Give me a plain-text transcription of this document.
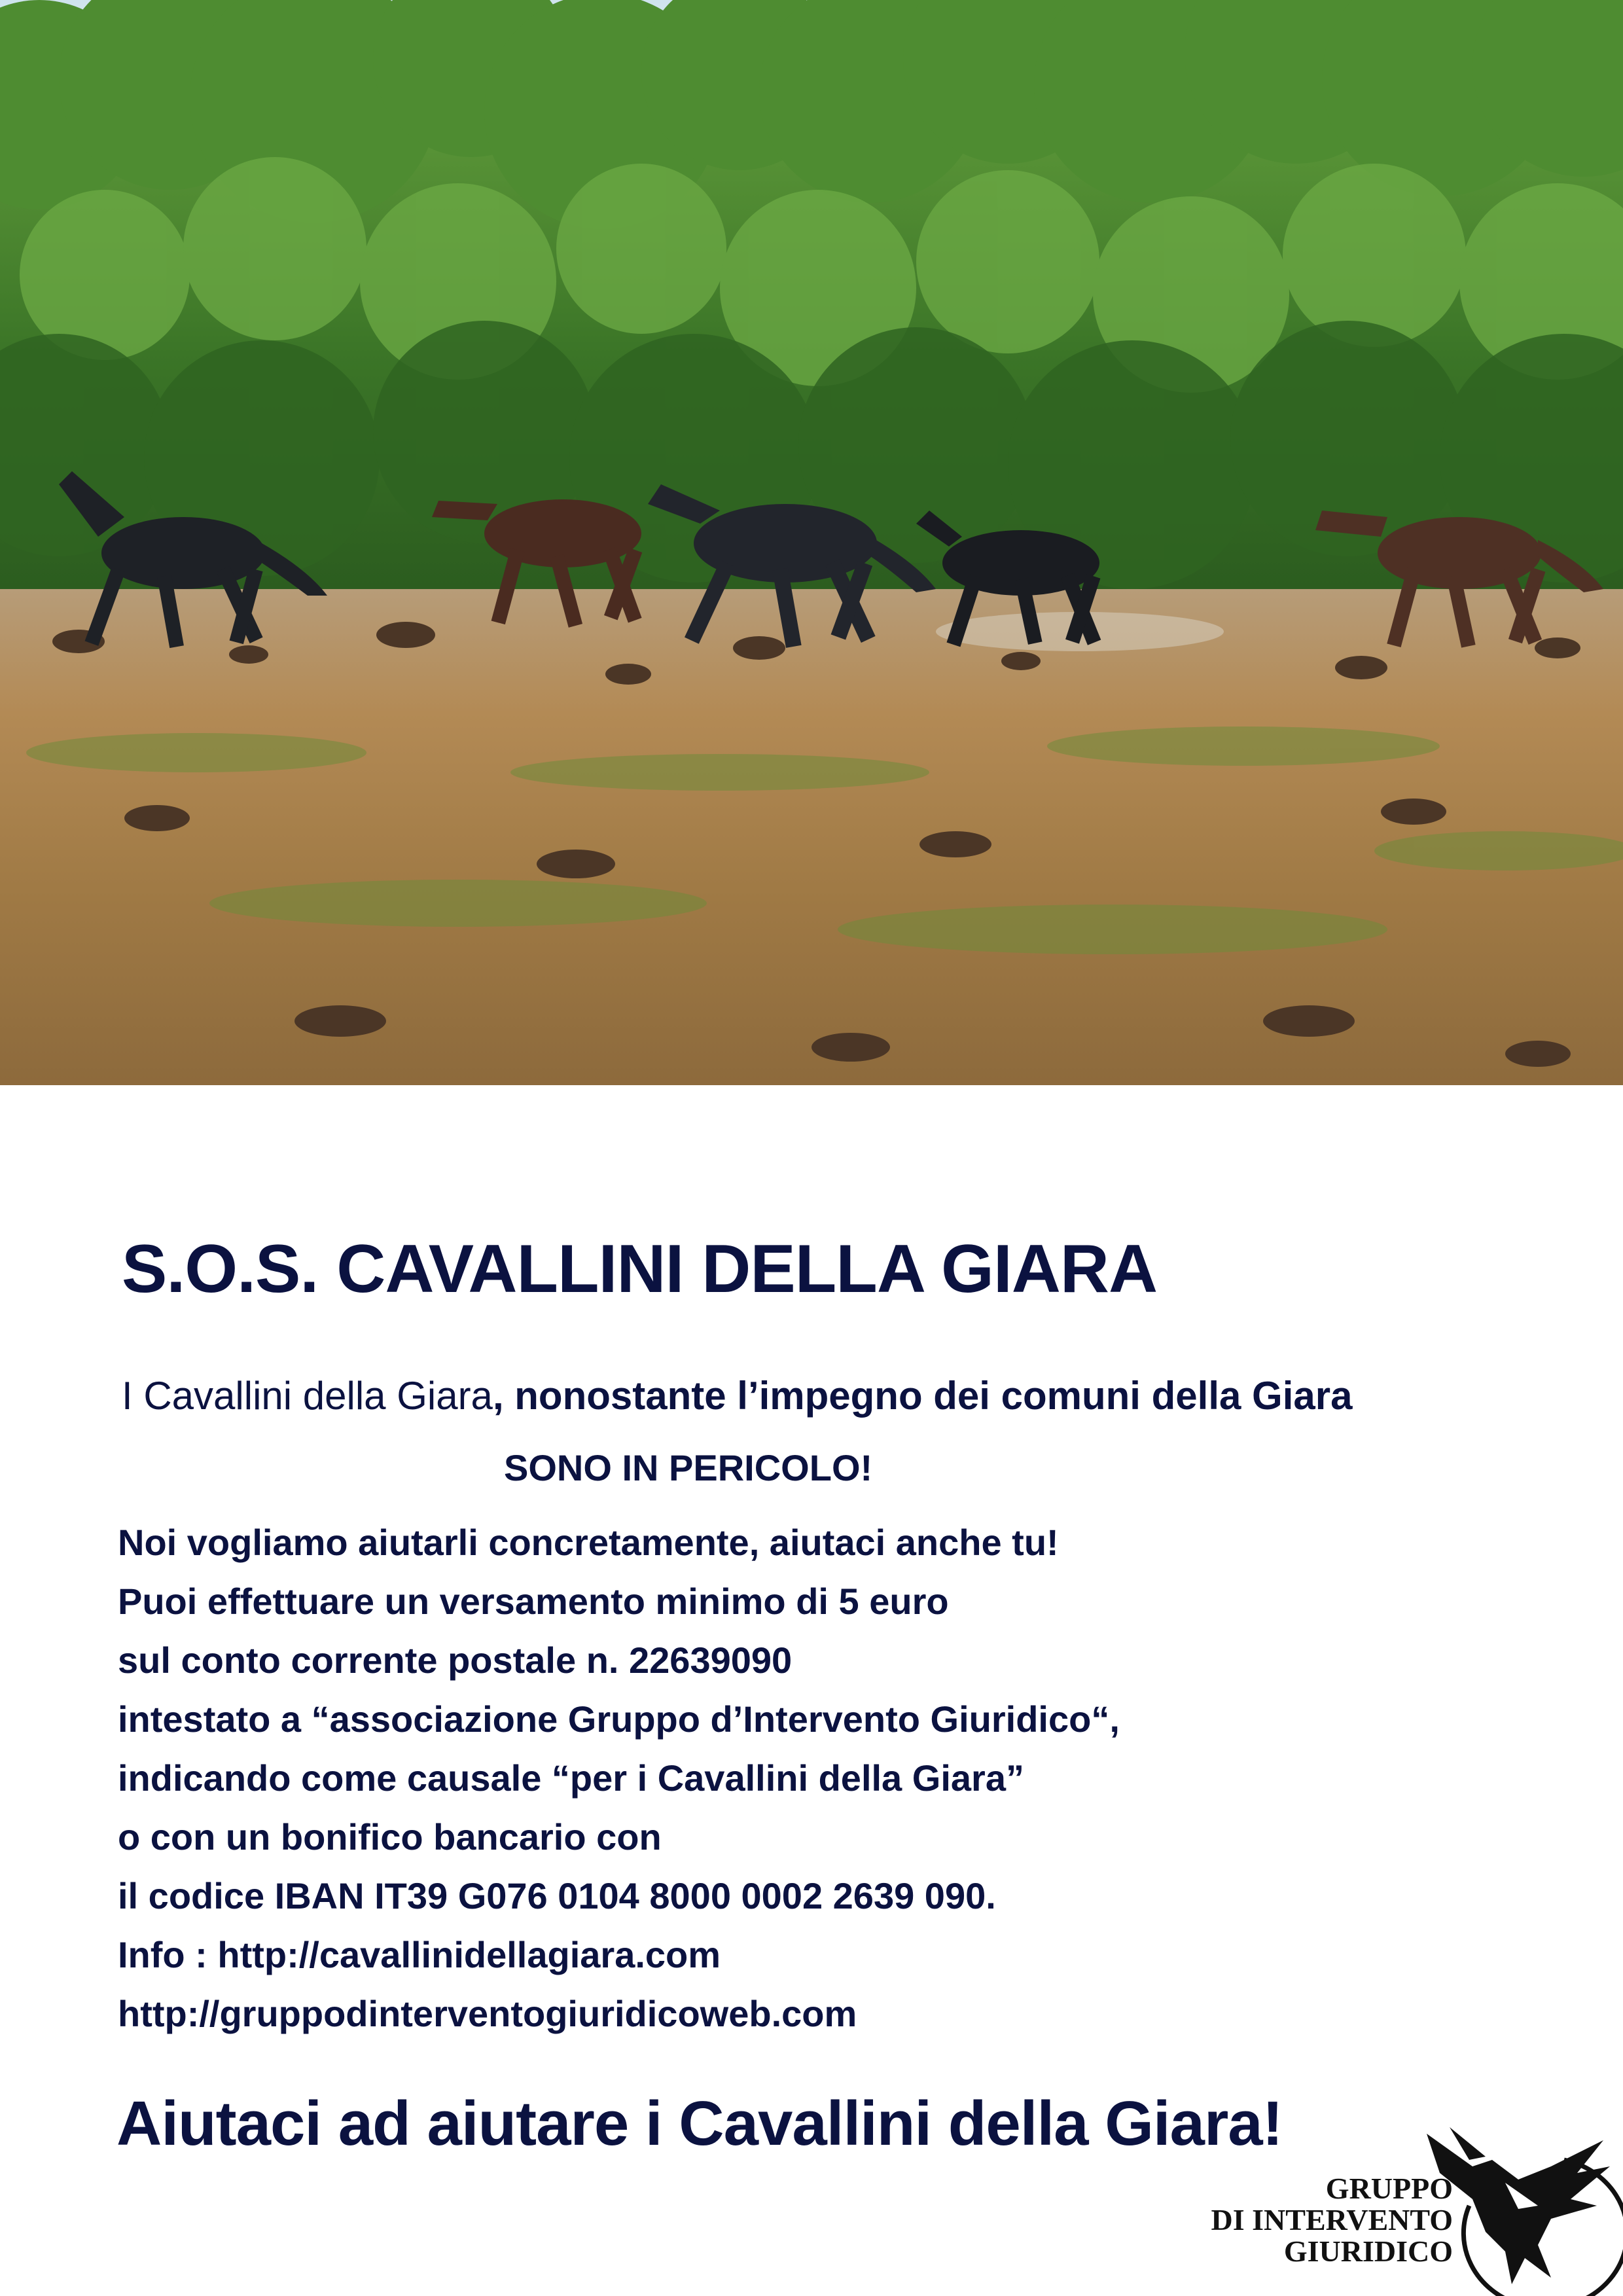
S.O.S. CAVALLINI DELLA GIARA
I Cavallini della Giara, nonostante l’impegno dei comuni della Giara
SONO IN PERICOLO!
Noi vogliamo aiutarli concretamente, aiutaci anche tu!
Puoi effettuare un versamento minimo di 5 euro
sul conto corrente postale n. 22639090
intestato a “associazione Gruppo d’Intervento Giuridico“,
indicando come causale “per i Cavallini della Giara”
o con un bonifico bancario con
il codice IBAN IT39 G076 0104 8000 0002 2639 090.
Info : http://cavallinidellagiara.com
http://gruppodinterventogiuridicoweb.com
Aiutaci ad aiutare i Cavallini della Giara!
GRUPPO
DI INTERVENTO
GIURIDICO
